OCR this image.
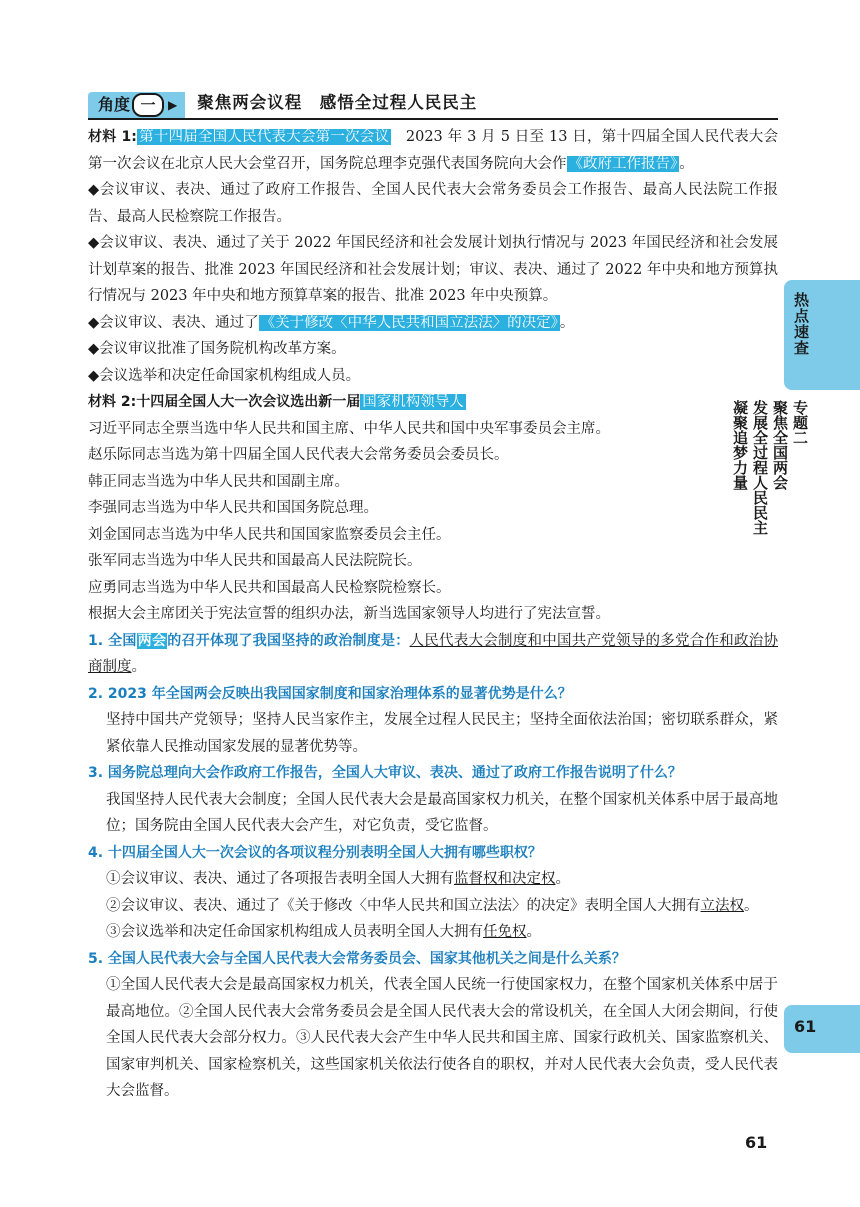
角度 一	▶ 聚焦两会议程　感悟全过程人民民主

材料 1: 第十四届全国人民代表大会第一次会议　2023 年 3 月 5 日至 13 日，第十四届全国人民代表大会第一次会议在北京人民大会堂召开，国务院总理李克强代表国务院向大会作 《政府工作报告》 。

◆会议审议、表决、通过了政府工作报告、全国人民代表大会常务委员会工作报告、最高人民法院工作报告、最高人民检察院工作报告。

◆会议审议、表决、通过了关于 2022 年国民经济和社会发展计划执行情况与 2023 年国民经济和社会发展计划草案的报告、批准 2023 年国民经济和社会发展计划；审议、表决、通过了 2022 年中央和地方预算执行情况与 2023 年中央和地方预算草案的报告、批准 2023 年中央预算。

◆会议审议、表决、通过了 《关于修改〈中华人民共和国立法法〉的决定》 。

◆会议审议批准了国务院机构改革方案。

◆会议选举和决定任命国家机构组成人员。

材料 2:十四届全国人大一次会议选出新一届 国家机构领导人

习近平同志全票当选中华人民共和国主席、中华人民共和国中央军事委员会主席。

赵乐际同志当选为第十四届全国人民代表大会常务委员会委员长。

韩正同志当选为中华人民共和国副主席。

李强同志当选为中华人民共和国国务院总理。

刘金国同志当选为中华人民共和国国家监察委员会主任。

张军同志当选为中华人民共和国最高人民法院院长。

应勇同志当选为中华人民共和国最高人民检察院检察长。

根据大会主席团关于宪法宣誓的组织办法，新当选国家领导人均进行了宪法宣誓。

1. 全国两会的召开体现了我国坚持的政治制度是：人民代表大会制度和中国共产党领导的多党合作和政治协商制度。

2. 2023 年全国两会反映出我国国家制度和国家治理体系的显著优势是什么？

坚持中国共产党领导；坚持人民当家作主，发展全过程人民民主；坚持全面依法治国；密切联系群众，紧紧依靠人民推动国家发展的显著优势等。

3. 国务院总理向大会作政府工作报告，全国人大审议、表决、通过了政府工作报告说明了什么？

我国坚持人民代表大会制度；全国人民代表大会是最高国家权力机关，在整个国家机关体系中居于最高地位；国务院由全国人民代表大会产生，对它负责，受它监督。

4. 十四届全国人大一次会议的各项议程分别表明全国人大拥有哪些职权？

①会议审议、表决、通过了各项报告表明全国人大拥有监督权和决定权。

②会议审议、表决、通过了《关于修改〈中华人民共和国立法法〉的决定》表明全国人大拥有立法权。

③会议选举和决定任命国家机构组成人员表明全国人大拥有任免权。

5. 全国人民代表大会与全国人民代表大会常务委员会、国家其他机关之间是什么关系？

①全国人民代表大会是最高国家权力机关，代表全国人民统一行使国家权力，在整个国家机关体系中居于最高地位。②全国人民代表大会常务委员会是全国人民代表大会的常设机关，在全国人大闭会期间，行使全国人民代表大会部分权力。③人民代表大会产生中华人民共和国主席、国家行政机关、国家监察机关、国家审判机关、国家检察机关，这些国家机关依法行使各自的职权，并对人民代表大会负责，受人民代表大会监督。

热点速查
专题二
聚焦全国两会
发展全过程人民民主
凝聚追梦力量
61
61
